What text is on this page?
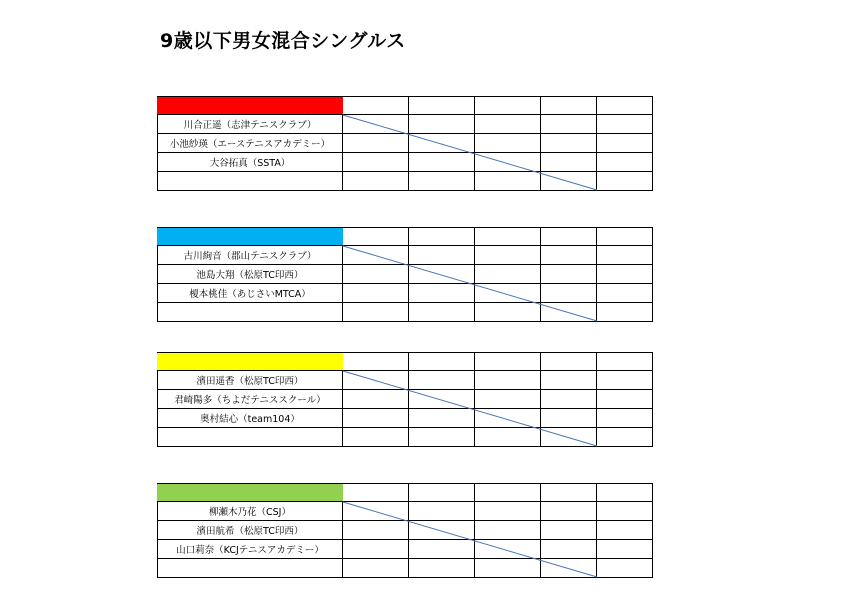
9歳以下男女混合シングルス
川合正遥（志津テニスクラブ）
小池紗瑛（エーステニスアカデミー）
大谷拓真（SSTA）
古川絢音（郡山テニスクラブ）
池島大翔（松原TC印西）
榎本桃佳（あじさいMTCA）
濱田遥香（松原TC印西）
君崎陽多（ちよだテニススクール）
奥村結心（team104）
柳瀬木乃花（CSJ）
濱田航希（松原TC印西）
山口莉奈（KCJテニスアカデミー）
